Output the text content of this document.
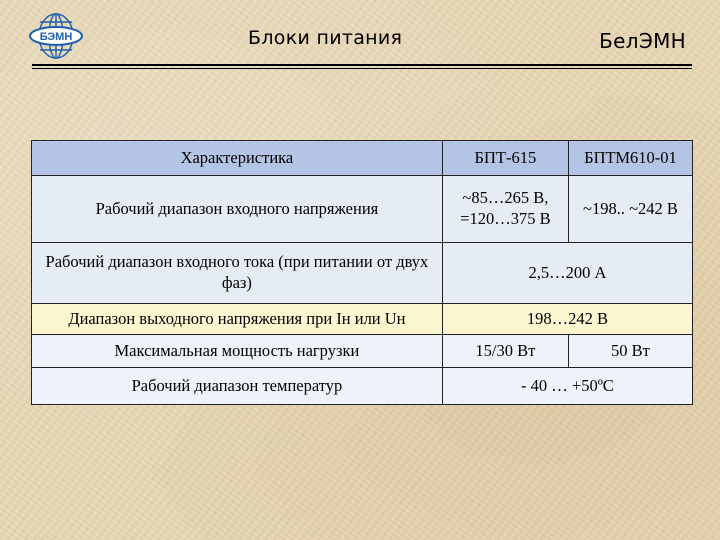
БЭМН	Блоки питания	БелЭМН
Характеристика	БПТ-615	БПТМ610-01
Рабочий диапазон входного напряжения	~85…265 В, =120…375 В	~198.. ~242 В
Рабочий диапазон входного тока (при питании от двух фаз)	2,5…200 А	
Диапазон выходного напряжения при Iн или Uн	198…242 В	
Максимальная мощность нагрузки	15/30 Вт	50 Вт
Рабочий диапазон температур	- 40 … +50ºС	
